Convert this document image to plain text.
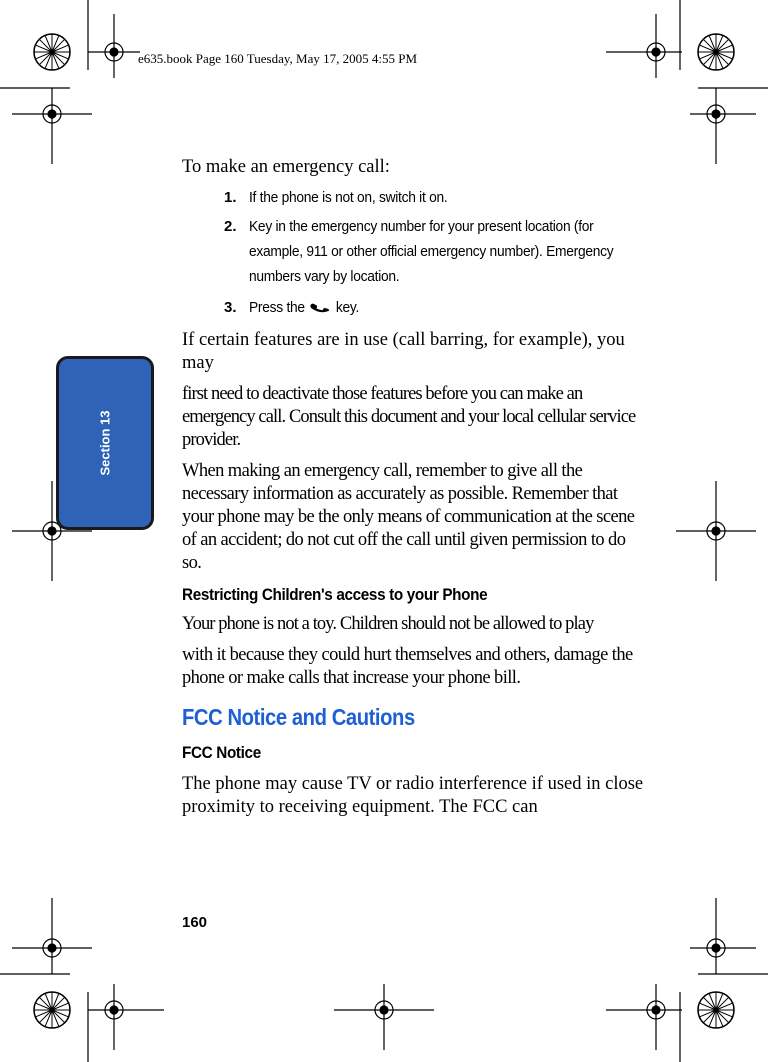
e635.book Page 160 Tuesday, May 17, 2005 4:55 PM
Section 13

To make an emergency call:

1. If the phone is not on, switch it on.
2. Key in the emergency number for your present location (for example, 911 or other official emergency number). Emergency numbers vary by location.
3. Press the key.

If certain features are in use (call barring, for example), you may

first need to deactivate those features before you can make an emergency call. Consult this document and your local cellular service provider.

When making an emergency call, remember to give all the necessary information as accurately as possible. Remember that your phone may be the only means of communication at the scene of an accident; do not cut off the call until given permission to do so.

Restricting Children's access to your Phone

Your phone is not a toy. Children should not be allowed to play

with it because they could hurt themselves and others, damage the phone or make calls that increase your phone bill.

FCC Notice and Cautions

FCC Notice

The phone may cause TV or radio interference if used in close proximity to receiving equipment. The FCC can

160
